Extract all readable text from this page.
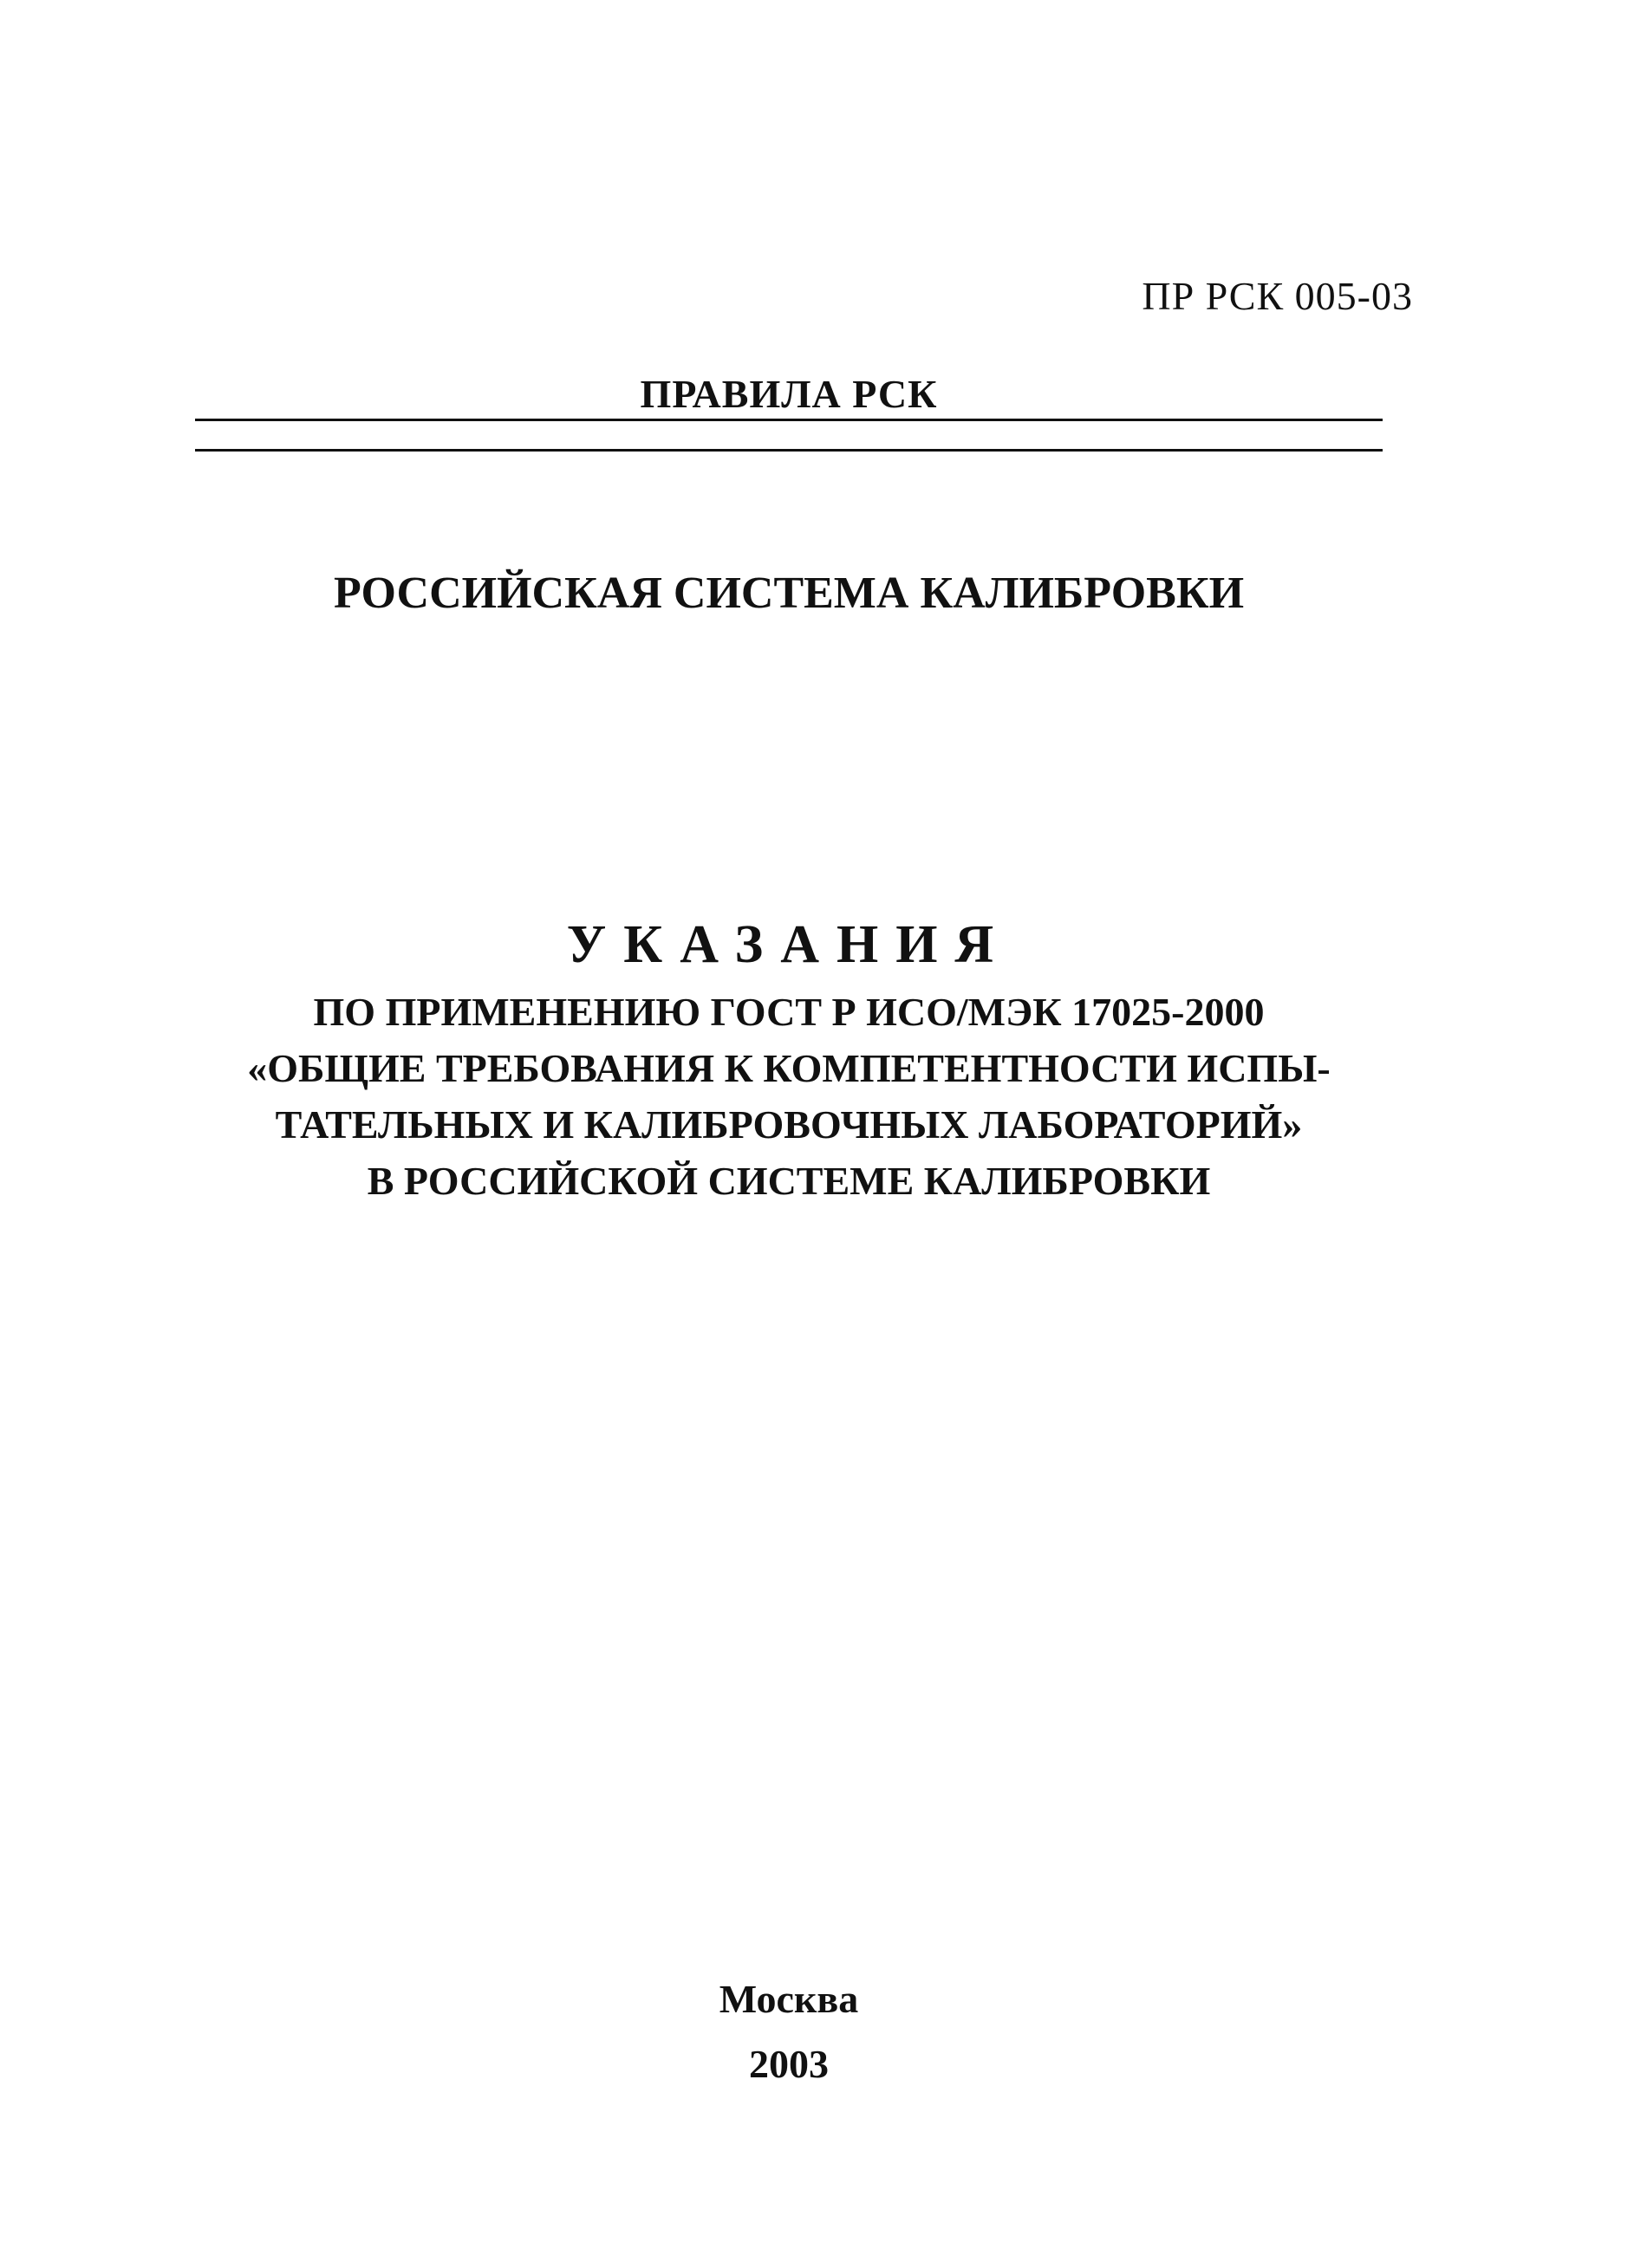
ПР РСК 005-03
ПРАВИЛА РСК
РОССИЙСКАЯ СИСТЕМА КАЛИБРОВКИ
УКАЗАНИЯ
ПО ПРИМЕНЕНИЮ ГОСТ Р ИСО/МЭК 17025-2000
«ОБЩИЕ ТРЕБОВАНИЯ К КОМПЕТЕНТНОСТИ ИСПЫ-
ТАТЕЛЬНЫХ И КАЛИБРОВОЧНЫХ ЛАБОРАТОРИЙ»
В РОССИЙСКОЙ СИСТЕМЕ КАЛИБРОВКИ
Москва
2003
